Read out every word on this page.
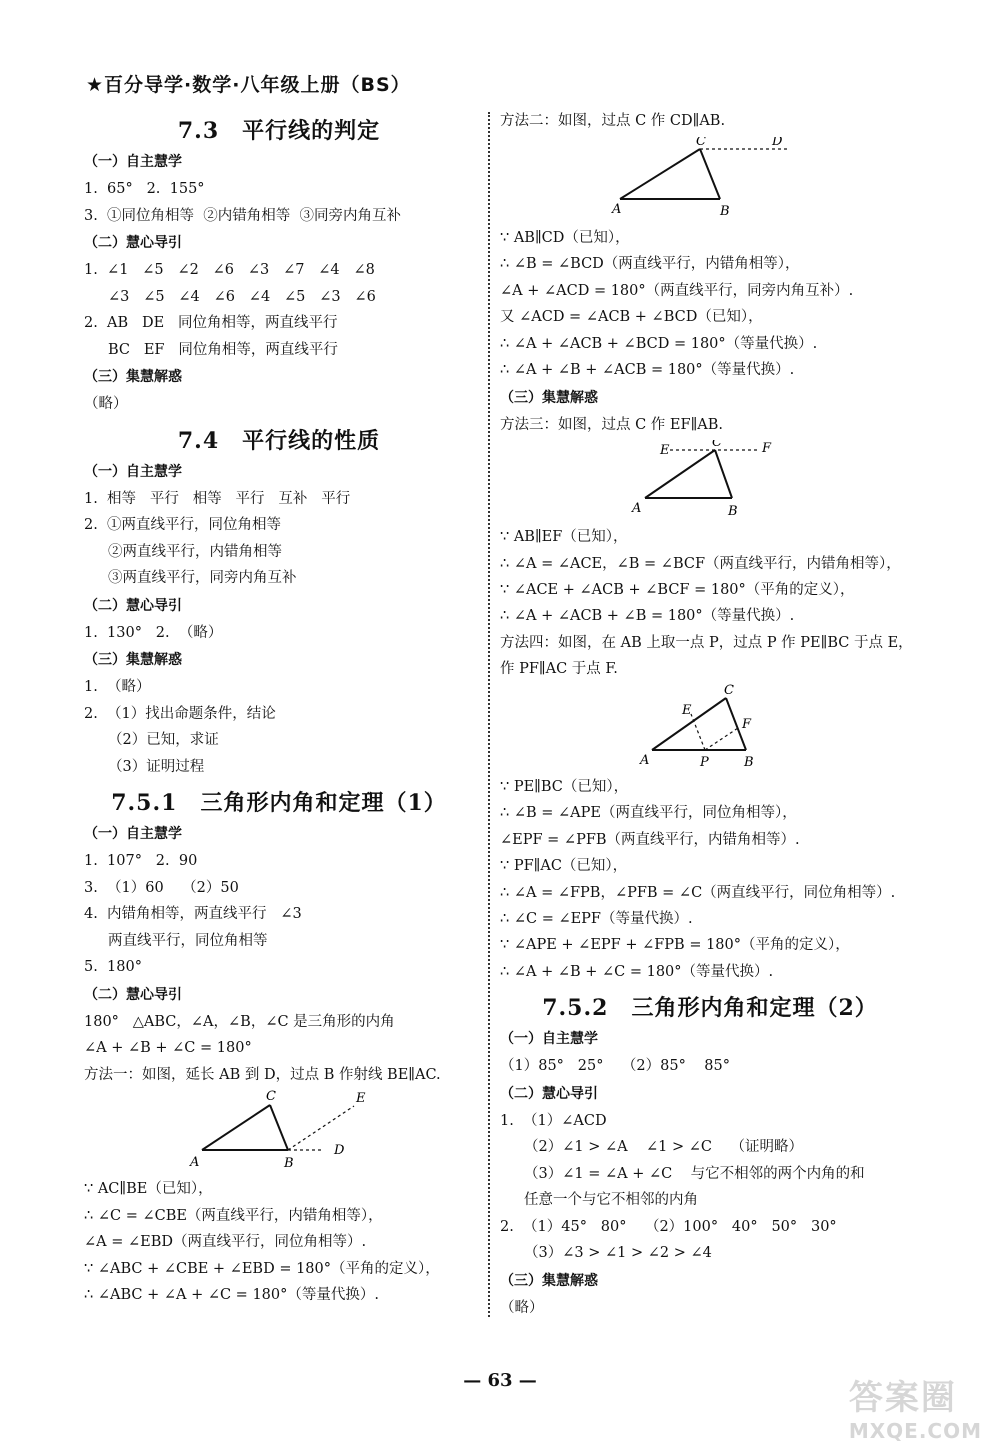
★百分导学·数学·八年级上册（BS）
7.3　平行线的判定
（一）自主慧学
1.  65°   2.  155°
3.  ①同位角相等  ②内错角相等  ③同旁内角互补
（二）慧心导引
1.  ∠1   ∠5   ∠2   ∠6   ∠3   ∠7   ∠4   ∠8
∠3   ∠5   ∠4   ∠6   ∠4   ∠5   ∠3   ∠6
2.  AB   DE   同位角相等，两直线平行
BC   EF   同位角相等，两直线平行
（三）集慧解惑
（略）
7.4　平行线的性质
（一）自主慧学
1.  相等   平行   相等   平行   互补   平行
2.  ①两直线平行，同位角相等
②两直线平行，内错角相等
③两直线平行，同旁内角互补
（二）慧心导引
1.  130°   2.  （略）
（三）集慧解惑
1.  （略）
2.  （1）找出命题条件，结论
（2）已知，求证
（3）证明过程
7.5.1　三角形内角和定理（1）
（一）自主慧学
1.  107°   2.  90
3.  （1）60    （2）50
4.  内错角相等，两直线平行   ∠3
两直线平行，同位角相等
5.  180°
（二）慧心导引
180°   △ABC，∠A，∠B，∠C 是三角形的内角
∠A + ∠B + ∠C = 180°
方法一：如图，延长 AB 到 D，过点 B 作射线 BE∥AC.
A	B
C
D
E
∵ AC∥BE（已知），
∴ ∠C = ∠CBE（两直线平行，内错角相等），
∠A = ∠EBD（两直线平行，同位角相等）.
∵ ∠ABC + ∠CBE + ∠EBD = 180°（平角的定义），
∴ ∠ABC + ∠A + ∠C = 180°（等量代换）.
方法二：如图，过点 C 作 CD∥AB.
A	B
C	D
∵ AB∥CD（已知），
∴ ∠B = ∠BCD（两直线平行，内错角相等），
∠A + ∠ACD = 180°（两直线平行，同旁内角互补）.
又 ∠ACD = ∠ACB + ∠BCD（已知），
∴ ∠A + ∠ACB + ∠BCD = 180°（等量代换）.
∴ ∠A + ∠B + ∠ACB = 180°（等量代换）.
（三）集慧解惑
方法三：如图，过点 C 作 EF∥AB.
A	B
C
E	F
∵ AB∥EF（已知），
∴ ∠A = ∠ACE，∠B = ∠BCF（两直线平行，内错角相等），
∵ ∠ACE + ∠ACB + ∠BCF = 180°（平角的定义），
∴ ∠A + ∠ACB + ∠B = 180°（等量代换）.
方法四：如图，在 AB 上取一点 P，过点 P 作 PE∥BC 于点 E，作 PF∥AC 于点 F.
A	P	B
C
E
F
∵ PE∥BC（已知），
∴ ∠B = ∠APE（两直线平行，同位角相等），
∠EPF = ∠PFB（两直线平行，内错角相等）.
∵ PF∥AC（已知），
∴ ∠A = ∠FPB，∠PFB = ∠C（两直线平行，同位角相等）.
∴ ∠C = ∠EPF（等量代换）.
∵ ∠APE + ∠EPF + ∠FPB = 180°（平角的定义），
∴ ∠A + ∠B + ∠C = 180°（等量代换）.
7.5.2　三角形内角和定理（2）
（一）自主慧学
（1）85°   25°    （2）85°    85°
（二）慧心导引
1.  （1）∠ACD
（2）∠1 > ∠A    ∠1 > ∠C    （证明略）
（3）∠1 = ∠A + ∠C    与它不相邻的两个内角的和
任意一个与它不相邻的内角
2.  （1）45°   80°    （2）100°   40°   50°   30°
（3）∠3 > ∠1 > ∠2 > ∠4
（三）集慧解惑
（略）
— 63 —	答案圈
MXQE.COM
